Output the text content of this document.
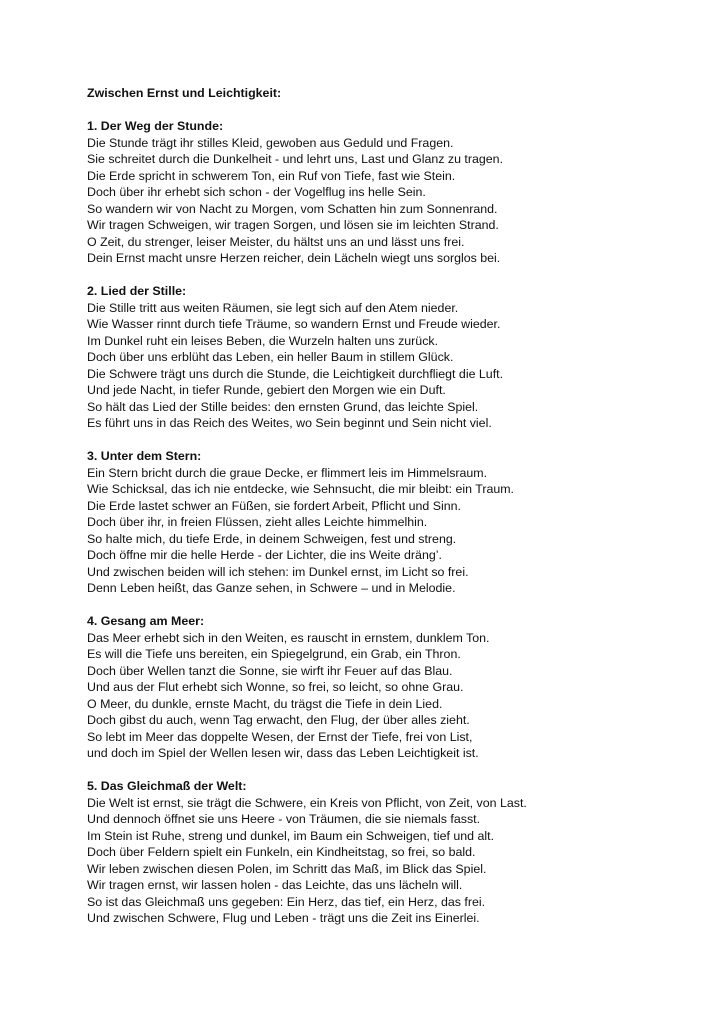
Zwischen Ernst und Leichtigkeit:

1. Der Weg der Stunde:

Die Stunde trägt ihr stilles Kleid, gewoben aus Geduld und Fragen.

Sie schreitet durch die Dunkelheit - und lehrt uns, Last und Glanz zu tragen.

Die Erde spricht in schwerem Ton, ein Ruf von Tiefe, fast wie Stein.

Doch über ihr erhebt sich schon - der Vogelflug ins helle Sein.

So wandern wir von Nacht zu Morgen, vom Schatten hin zum Sonnenrand.

Wir tragen Schweigen, wir tragen Sorgen, und lösen sie im leichten Strand.

O Zeit, du strenger, leiser Meister, du hältst uns an und lässt uns frei.

Dein Ernst macht unsre Herzen reicher, dein Lächeln wiegt uns sorglos bei.

2. Lied der Stille:

Die Stille tritt aus weiten Räumen, sie legt sich auf den Atem nieder.

Wie Wasser rinnt durch tiefe Träume, so wandern Ernst und Freude wieder.

Im Dunkel ruht ein leises Beben, die Wurzeln halten uns zurück.

Doch über uns erblüht das Leben, ein heller Baum in stillem Glück.

Die Schwere trägt uns durch die Stunde, die Leichtigkeit durchfliegt die Luft.

Und jede Nacht, in tiefer Runde, gebiert den Morgen wie ein Duft.

So hält das Lied der Stille beides: den ernsten Grund, das leichte Spiel.

Es führt uns in das Reich des Weites, wo Sein beginnt und Sein nicht viel.

3. Unter dem Stern:

Ein Stern bricht durch die graue Decke, er flimmert leis im Himmelsraum.

Wie Schicksal, das ich nie entdecke, wie Sehnsucht, die mir bleibt: ein Traum.

Die Erde lastet schwer an Füßen, sie fordert Arbeit, Pflicht und Sinn.

Doch über ihr, in freien Flüssen, zieht alles Leichte himmelhin.

So halte mich, du tiefe Erde, in deinem Schweigen, fest und streng.

Doch öffne mir die helle Herde - der Lichter, die ins Weite dräng’.

Und zwischen beiden will ich stehen: im Dunkel ernst, im Licht so frei.

Denn Leben heißt, das Ganze sehen, in Schwere – und in Melodie.

4. Gesang am Meer:

Das Meer erhebt sich in den Weiten, es rauscht in ernstem, dunklem Ton.

Es will die Tiefe uns bereiten, ein Spiegelgrund, ein Grab, ein Thron.

Doch über Wellen tanzt die Sonne, sie wirft ihr Feuer auf das Blau.

Und aus der Flut erhebt sich Wonne, so frei, so leicht, so ohne Grau.

O Meer, du dunkle, ernste Macht, du trägst die Tiefe in dein Lied.

Doch gibst du auch, wenn Tag erwacht, den Flug, der über alles zieht.

So lebt im Meer das doppelte Wesen, der Ernst der Tiefe, frei von List,

und doch im Spiel der Wellen lesen wir, dass das Leben Leichtigkeit ist.

5. Das Gleichmaß der Welt:

Die Welt ist ernst, sie trägt die Schwere, ein Kreis von Pflicht, von Zeit, von Last.

Und dennoch öffnet sie uns Heere - von Träumen, die sie niemals fasst.

Im Stein ist Ruhe, streng und dunkel, im Baum ein Schweigen, tief und alt.

Doch über Feldern spielt ein Funkeln, ein Kindheitstag, so frei, so bald.

Wir leben zwischen diesen Polen, im Schritt das Maß, im Blick das Spiel.

Wir tragen ernst, wir lassen holen - das Leichte, das uns lächeln will.

So ist das Gleichmaß uns gegeben: Ein Herz, das tief, ein Herz, das frei.

Und zwischen Schwere, Flug und Leben - trägt uns die Zeit ins Einerlei.
